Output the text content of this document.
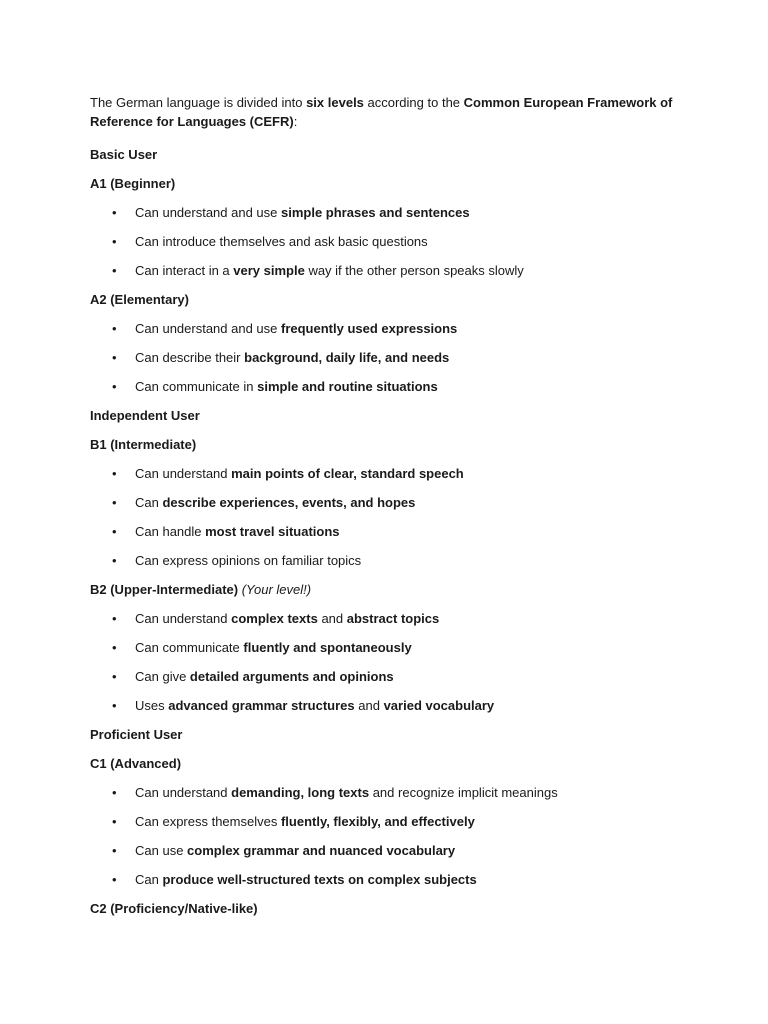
The German language is divided into six levels according to the Common European Framework of Reference for Languages (CEFR):

Basic User

A1 (Beginner)

• Can understand and use simple phrases and sentences
• Can introduce themselves and ask basic questions
• Can interact in a very simple way if the other person speaks slowly

A2 (Elementary)

• Can understand and use frequently used expressions
• Can describe their background, daily life, and needs
• Can communicate in simple and routine situations

Independent User

B1 (Intermediate)

• Can understand main points of clear, standard speech
• Can describe experiences, events, and hopes
• Can handle most travel situations
• Can express opinions on familiar topics

B2 (Upper-Intermediate) (Your level!)

• Can understand complex texts and abstract topics
• Can communicate fluently and spontaneously
• Can give detailed arguments and opinions
• Uses advanced grammar structures and varied vocabulary

Proficient User

C1 (Advanced)

• Can understand demanding, long texts and recognize implicit meanings
• Can express themselves fluently, flexibly, and effectively
• Can use complex grammar and nuanced vocabulary
• Can produce well-structured texts on complex subjects

C2 (Proficiency/Native-like)
